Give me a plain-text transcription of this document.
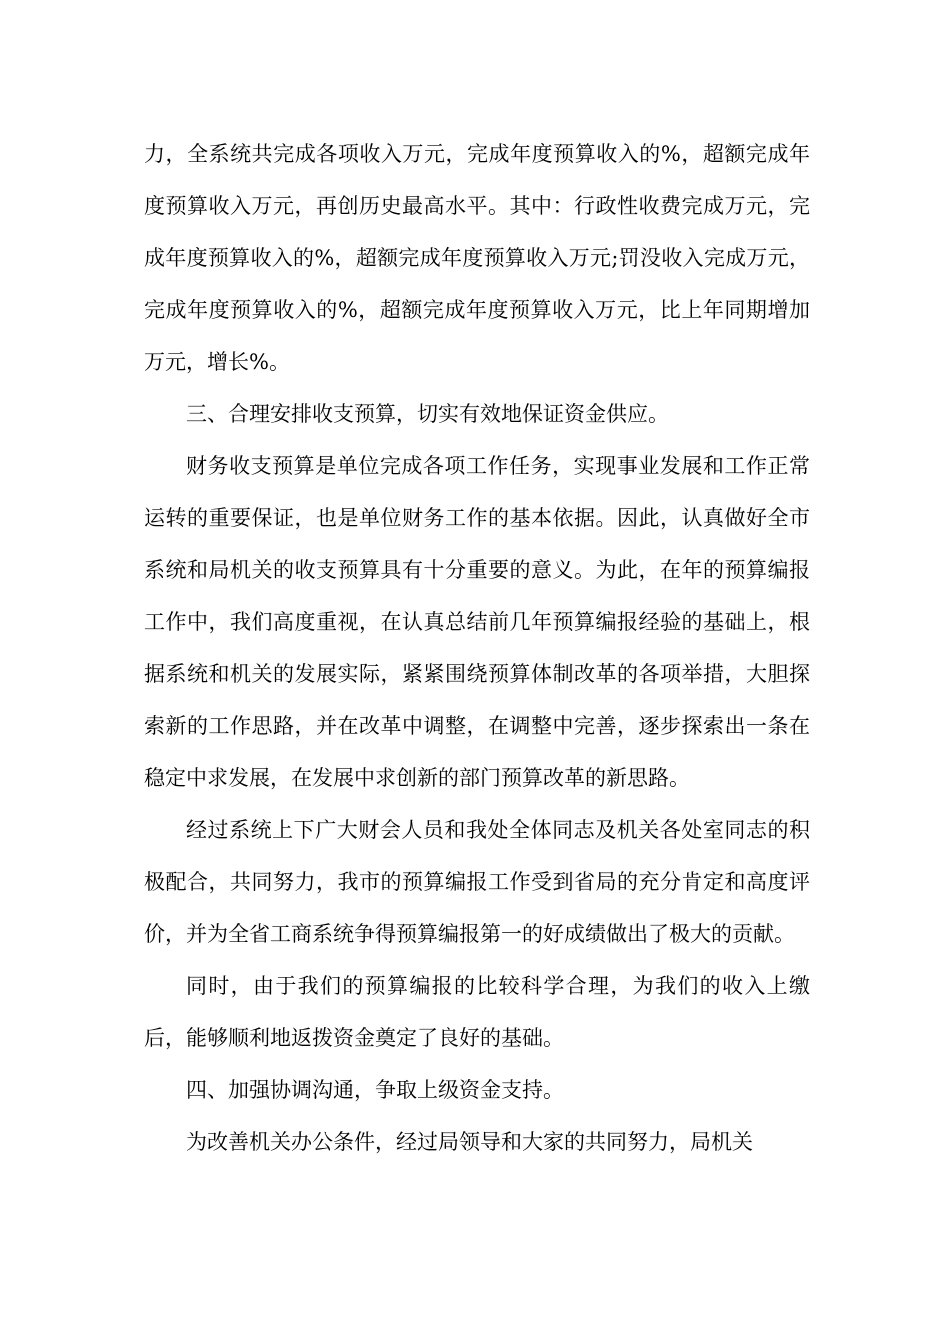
力，全系统共完成各项收入万元，完成年度预算收入的%，超额完成年度预算收入万元，再创历史最高水平。其中：行政性收费完成万元，完成年度预算收入的%，超额完成年度预算收入万元;罚没收入完成万元，完成年度预算收入的%，超额完成年度预算收入万元，比上年同期增加万元，增长%。

三、合理安排收支预算，切实有效地保证资金供应。

财务收支预算是单位完成各项工作任务，实现事业发展和工作正常运转的重要保证，也是单位财务工作的基本依据。因此，认真做好全市系统和局机关的收支预算具有十分重要的意义。为此，在年的预算编报工作中，我们高度重视，在认真总结前几年预算编报经验的基础上，根据系统和机关的发展实际，紧紧围绕预算体制改革的各项举措，大胆探索新的工作思路，并在改革中调整，在调整中完善，逐步探索出一条在稳定中求发展，在发展中求创新的部门预算改革的新思路。

经过系统上下广大财会人员和我处全体同志及机关各处室同志的积极配合，共同努力，我市的预算编报工作受到省局的充分肯定和高度评价，并为全省工商系统争得预算编报第一的好成绩做出了极大的贡献。

同时，由于我们的预算编报的比较科学合理，为我们的收入上缴后，能够顺利地返拨资金奠定了良好的基础。

四、加强协调沟通，争取上级资金支持。

为改善机关办公条件，经过局领导和大家的共同努力，局机关
